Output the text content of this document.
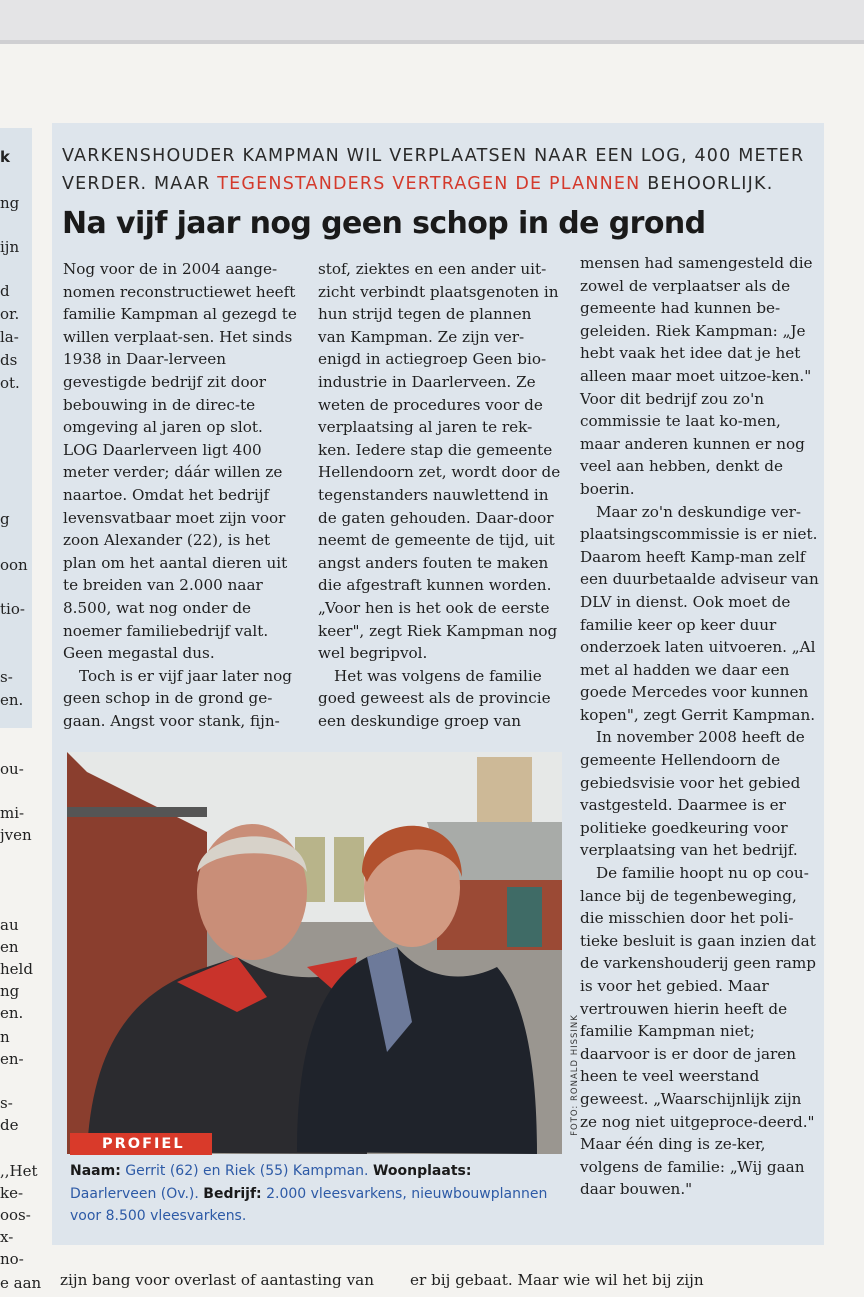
k
ng
ijn
d
or.
la-
ds
ot.
g
oon
tio-
s-
en.
ou-
mi-
jven
au
en
held
ng
en.
n
en-
s-
de
,,Het
ke-
oos-
x-
no-
e aan
VARKENSHOUDER KAMPMAN WIL VERPLAATSEN NAAR EEN LOG, 400 METER VERDER. MAAR TEGENSTANDERS VERTRAGEN DE PLANNEN BEHOORLIJK.
Na vijf jaar nog geen schop in de grond

Nog voor de in 2004 aange-nomen reconstructiewet heeft familie Kampman al gezegd te willen verplaat-sen. Het sinds 1938 in Daar-lerveen gevestigde bedrijf zit door bebouwing in de direc-te omgeving al jaren op slot. LOG Daarlerveen ligt 400 meter verder; dáár willen ze naartoe. Omdat het bedrijf levensvatbaar moet zijn voor zoon Alexander (22), is het plan om het aantal dieren uit te breiden van 2.000 naar 8.500, wat nog onder de noemer familiebedrijf valt. Geen megastal dus.

Toch is er vijf jaar later nog geen schop in de grond ge-gaan. Angst voor stank, fijn-

stof, ziektes en een ander uit-zicht verbindt plaatsgenoten in hun strijd tegen de plannen van Kampman. Ze zijn ver-enigd in actiegroep Geen bio-industrie in Daarlerveen. Ze weten de procedures voor de verplaatsing al jaren te rek-ken. Iedere stap die gemeente Hellendoorn zet, wordt door de tegenstanders nauwlettend in de gaten gehouden. Daar-door neemt de gemeente de tijd, uit angst anders fouten te maken die afgestraft kunnen worden. „Voor hen is het ook de eerste keer", zegt Riek Kampman nog wel begripvol.

Het was volgens de familie goed geweest als de provincie een deskundige groep van

mensen had samengesteld die zowel de verplaatser als de gemeente had kunnen be-geleiden. Riek Kampman: „Je hebt vaak het idee dat je het alleen maar moet uitzoe-ken." Voor dit bedrijf zou zo'n commissie te laat ko-men, maar anderen kunnen er nog veel aan hebben, denkt de boerin.

Maar zo'n deskundige ver-plaatsingscommissie is er niet. Daarom heeft Kamp-man zelf een duurbetaalde adviseur van DLV in dienst. Ook moet de familie keer op keer duur onderzoek laten uitvoeren. „Al met al hadden we daar een goede Mercedes voor kunnen kopen", zegt Gerrit Kampman.

In november 2008 heeft de gemeente Hellendoorn de gebiedsvisie voor het gebied vastgesteld. Daarmee is er politieke goedkeuring voor verplaatsing van het bedrijf.

De familie hoopt nu op cou-lance bij de tegenbeweging, die misschien door het poli-tieke besluit is gaan inzien dat de varkenshouderij geen ramp is voor het gebied. Maar vertrouwen hierin heeft de familie Kampman niet; daarvoor is er door de jaren heen te veel weerstand geweest. „Waarschijnlijk zijn ze nog niet uitgeproce-deerd." Maar één ding is ze-ker, volgens de familie: „Wij gaan daar bouwen."

FOTO: RONALD HISSINK
PROFIEL
Naam: Gerrit (62) en Riek (55) Kampman. Woonplaats: Daarlerveen (Ov.). Bedrijf: 2.000 vleesvarkens, nieuwbouwplannen voor 8.500 vleesvarkens.
zijn bang voor overlast of aantasting van er bij gebaat. Maar wie wil het bij zijn
